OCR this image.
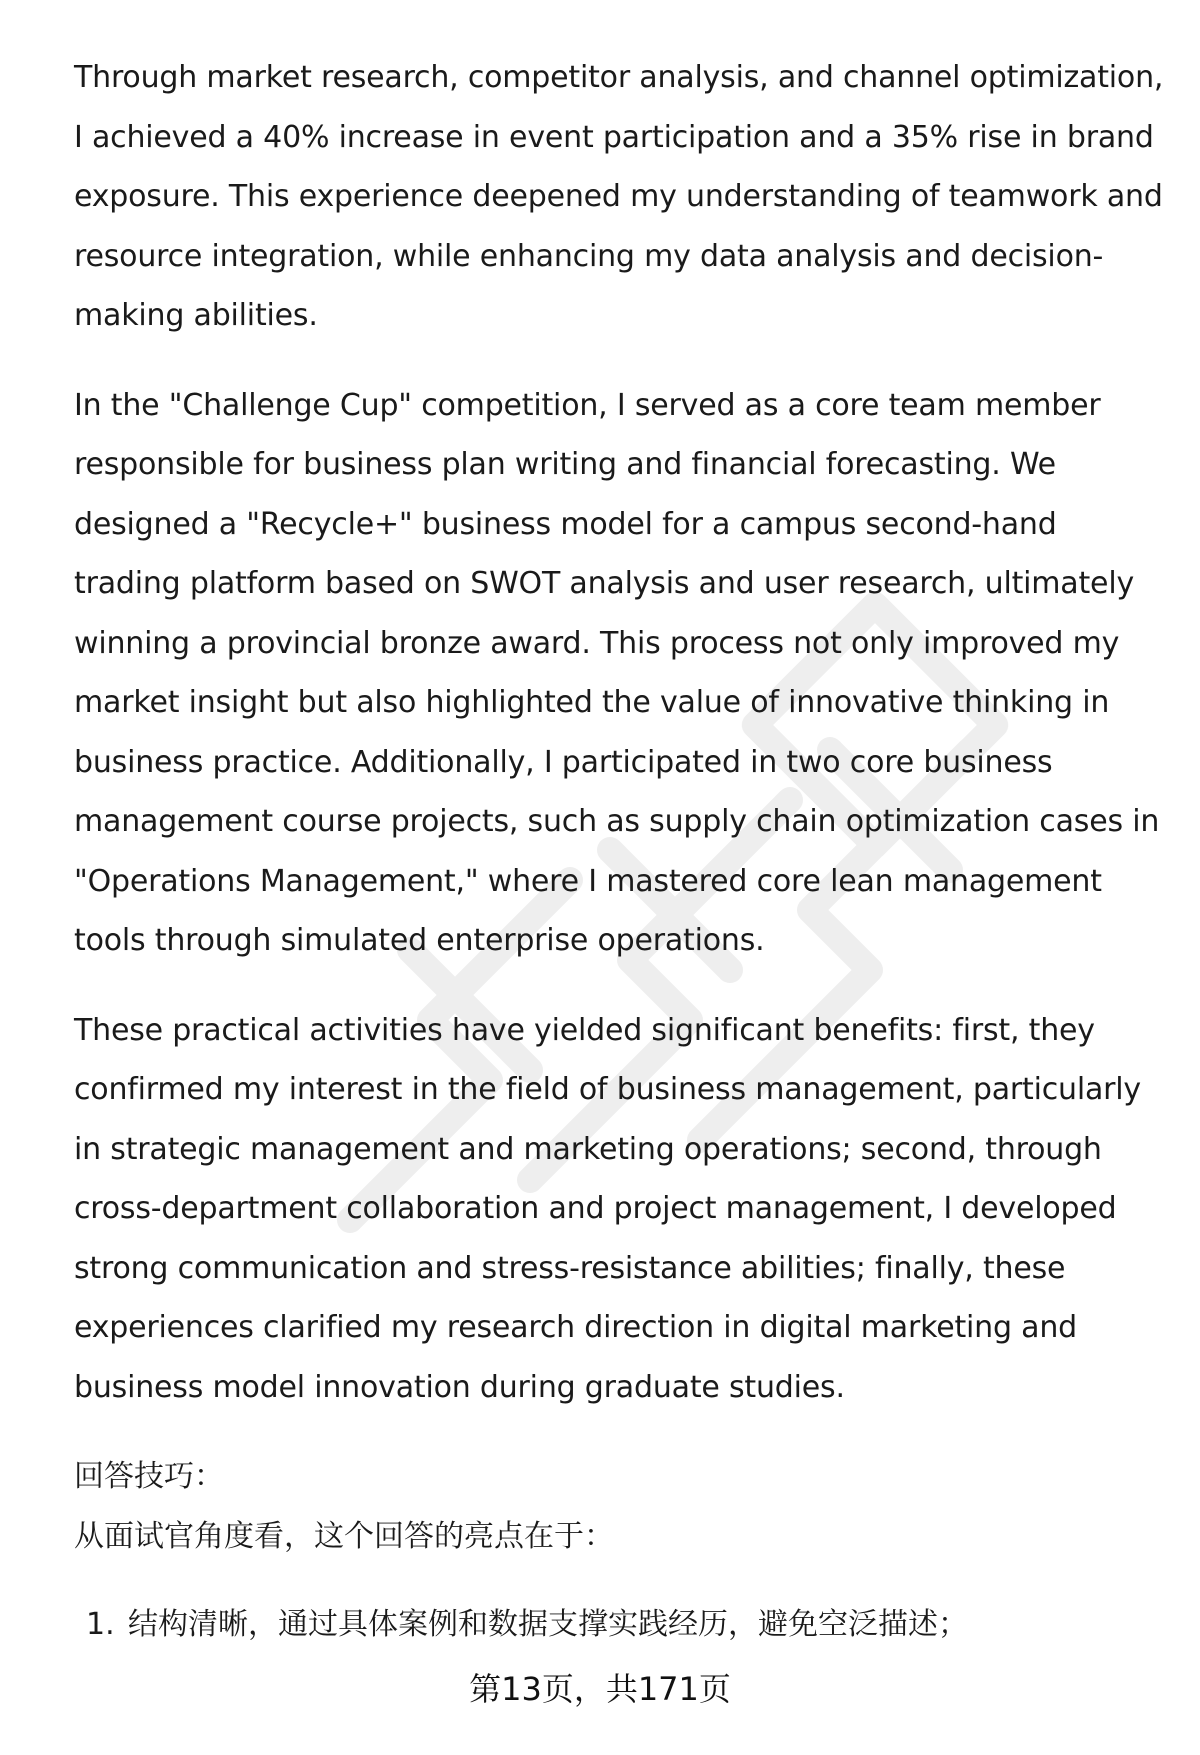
Through market research, competitor analysis, and channel optimization, I achieved a 40% increase in event participation and a 35% rise in brand exposure. This experience deepened my understanding of teamwork and resource integration, while enhancing my data analysis and decision-making abilities.

In the "Challenge Cup" competition, I served as a core team member responsible for business plan writing and financial forecasting. We designed a "Recycle+" business model for a campus second-hand trading platform based on SWOT analysis and user research, ultimately winning a provincial bronze award. This process not only improved my market insight but also highlighted the value of innovative thinking in business practice. Additionally, I participated in two core business management course projects, such as supply chain optimization cases in "Operations Management," where I mastered core lean management tools through simulated enterprise operations.

These practical activities have yielded significant benefits: first, they confirmed my interest in the field of business management, particularly in strategic management and marketing operations; second, through cross-department collaboration and project management, I developed strong communication and stress-resistance abilities; finally, these experiences clarified my research direction in digital marketing and business model innovation during graduate studies.

回答技巧：

从面试官角度看，这个回答的亮点在于：

1. 结构清晰，通过具体案例和数据支撑实践经历，避免空泛描述；
第13页，共171页
